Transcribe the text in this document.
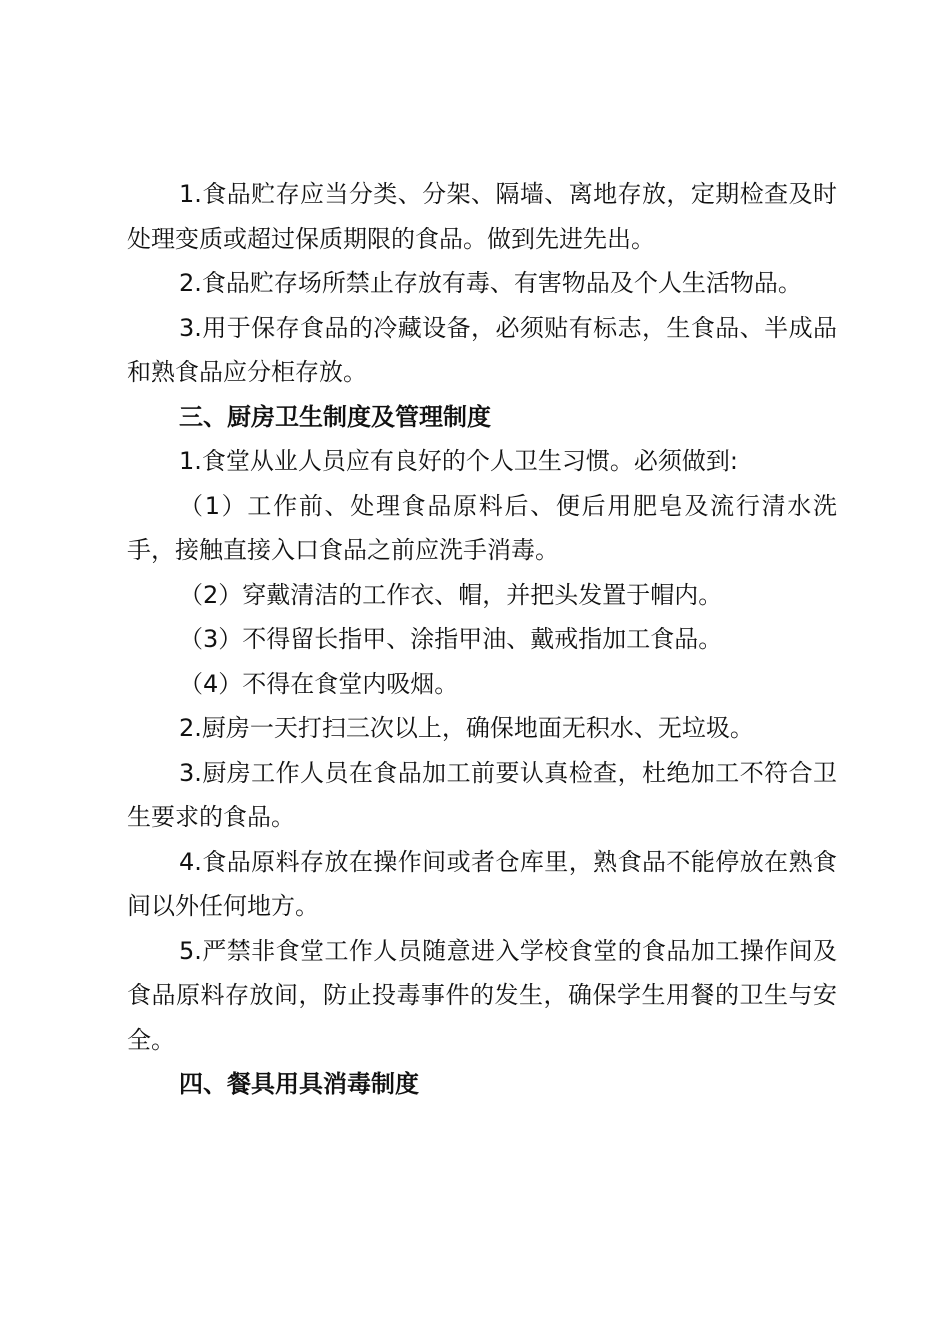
1.食品贮存应当分类、分架、隔墙、离地存放，定期检查及时处理变质或超过保质期限的食品。做到先进先出。

2.食品贮存场所禁止存放有毒、有害物品及个人生活物品。

3.用于保存食品的冷藏设备，必须贴有标志，生食品、半成品和熟食品应分柜存放。

三、厨房卫生制度及管理制度

1.食堂从业人员应有良好的个人卫生习惯。必须做到:

（1）工作前、处理食品原料后、便后用肥皂及流行清水洗手，接触直接入口食品之前应洗手消毒。

（2）穿戴清洁的工作衣、帽，并把头发置于帽内。

（3）不得留长指甲、涂指甲油、戴戒指加工食品。

（4）不得在食堂内吸烟。

2.厨房一天打扫三次以上，确保地面无积水、无垃圾。

3.厨房工作人员在食品加工前要认真检查，杜绝加工不符合卫生要求的食品。

4.食品原料存放在操作间或者仓库里，熟食品不能停放在熟食间以外任何地方。

5.严禁非食堂工作人员随意进入学校食堂的食品加工操作间及食品原料存放间，防止投毒事件的发生，确保学生用餐的卫生与安全。

四、餐具用具消毒制度
